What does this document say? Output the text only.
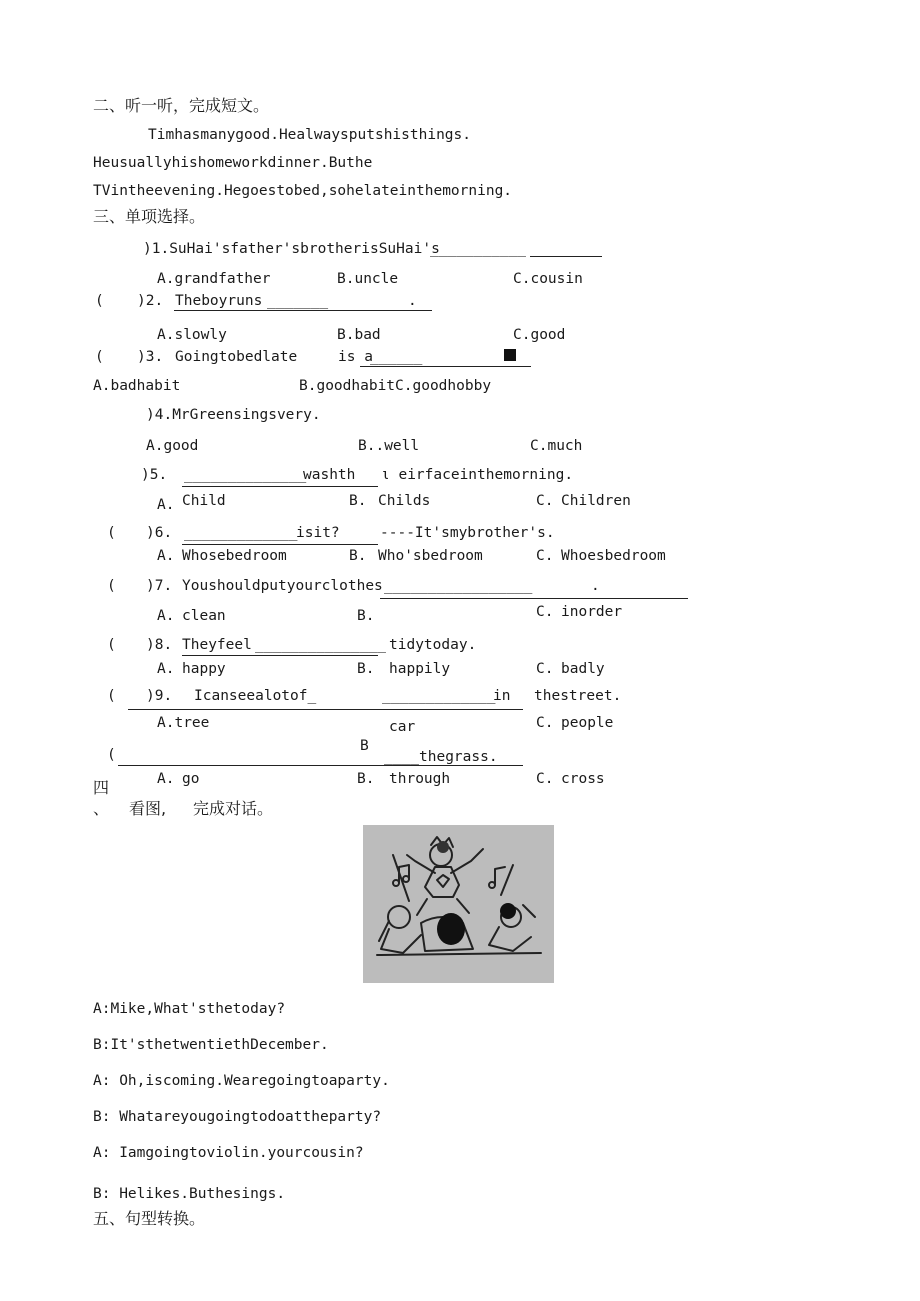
二、听一听，完成短文。
Timhasmanygood.Healwaysputshisthings.
Heusuallyhishomeworkdinner.Buthe
TVintheevening.Hegoestobed,sohelateinthemorning.
三、单项选择。
)1.SuHai'sfather'sbrotherisSuHai's
___________
A.grandfather	B.uncle	C.cousin
( )2. Theboyruns _______	.
A.slowly	B.bad	C.good
( )3. Goingtobedlate	is a
______
A.badhabit	B.goodhabitC.goodhobby
)4.MrGreensingsvery.
A.good	B..well	C.much
)5. ______________
washth ι eirfaceinthemorning.
A. Child	B. Childs	C. Children
( )6. _____________
isit?	----It'smybrother's.
A. Whosebedroom	B. Who'sbedroom	C. Whoesbedroom
( )7. Youshouldputyourclothes _________________	.
A. clean	B.	C. inorder
( )8. Theyfeel _______________ tidytoday.
A. happy	B. happily	C. badly
( )9. Icanseealotof_	_____________
in thestreet.
A.tree	car	C. people
(
B
____ thegrass.
A. go	B. through	C. cross
四
、 看图, 完成对话。
A:Mike,What'sthetoday?
B:It'sthetwentiethDecember.
A: Oh,iscoming.Wearegoingtoaparty.
B: Whatareyougoingtodoattheparty?
A: Iamgoingtoviolin.yourcousin?
B: Helikes.Buthesings.
五、句型转换。
